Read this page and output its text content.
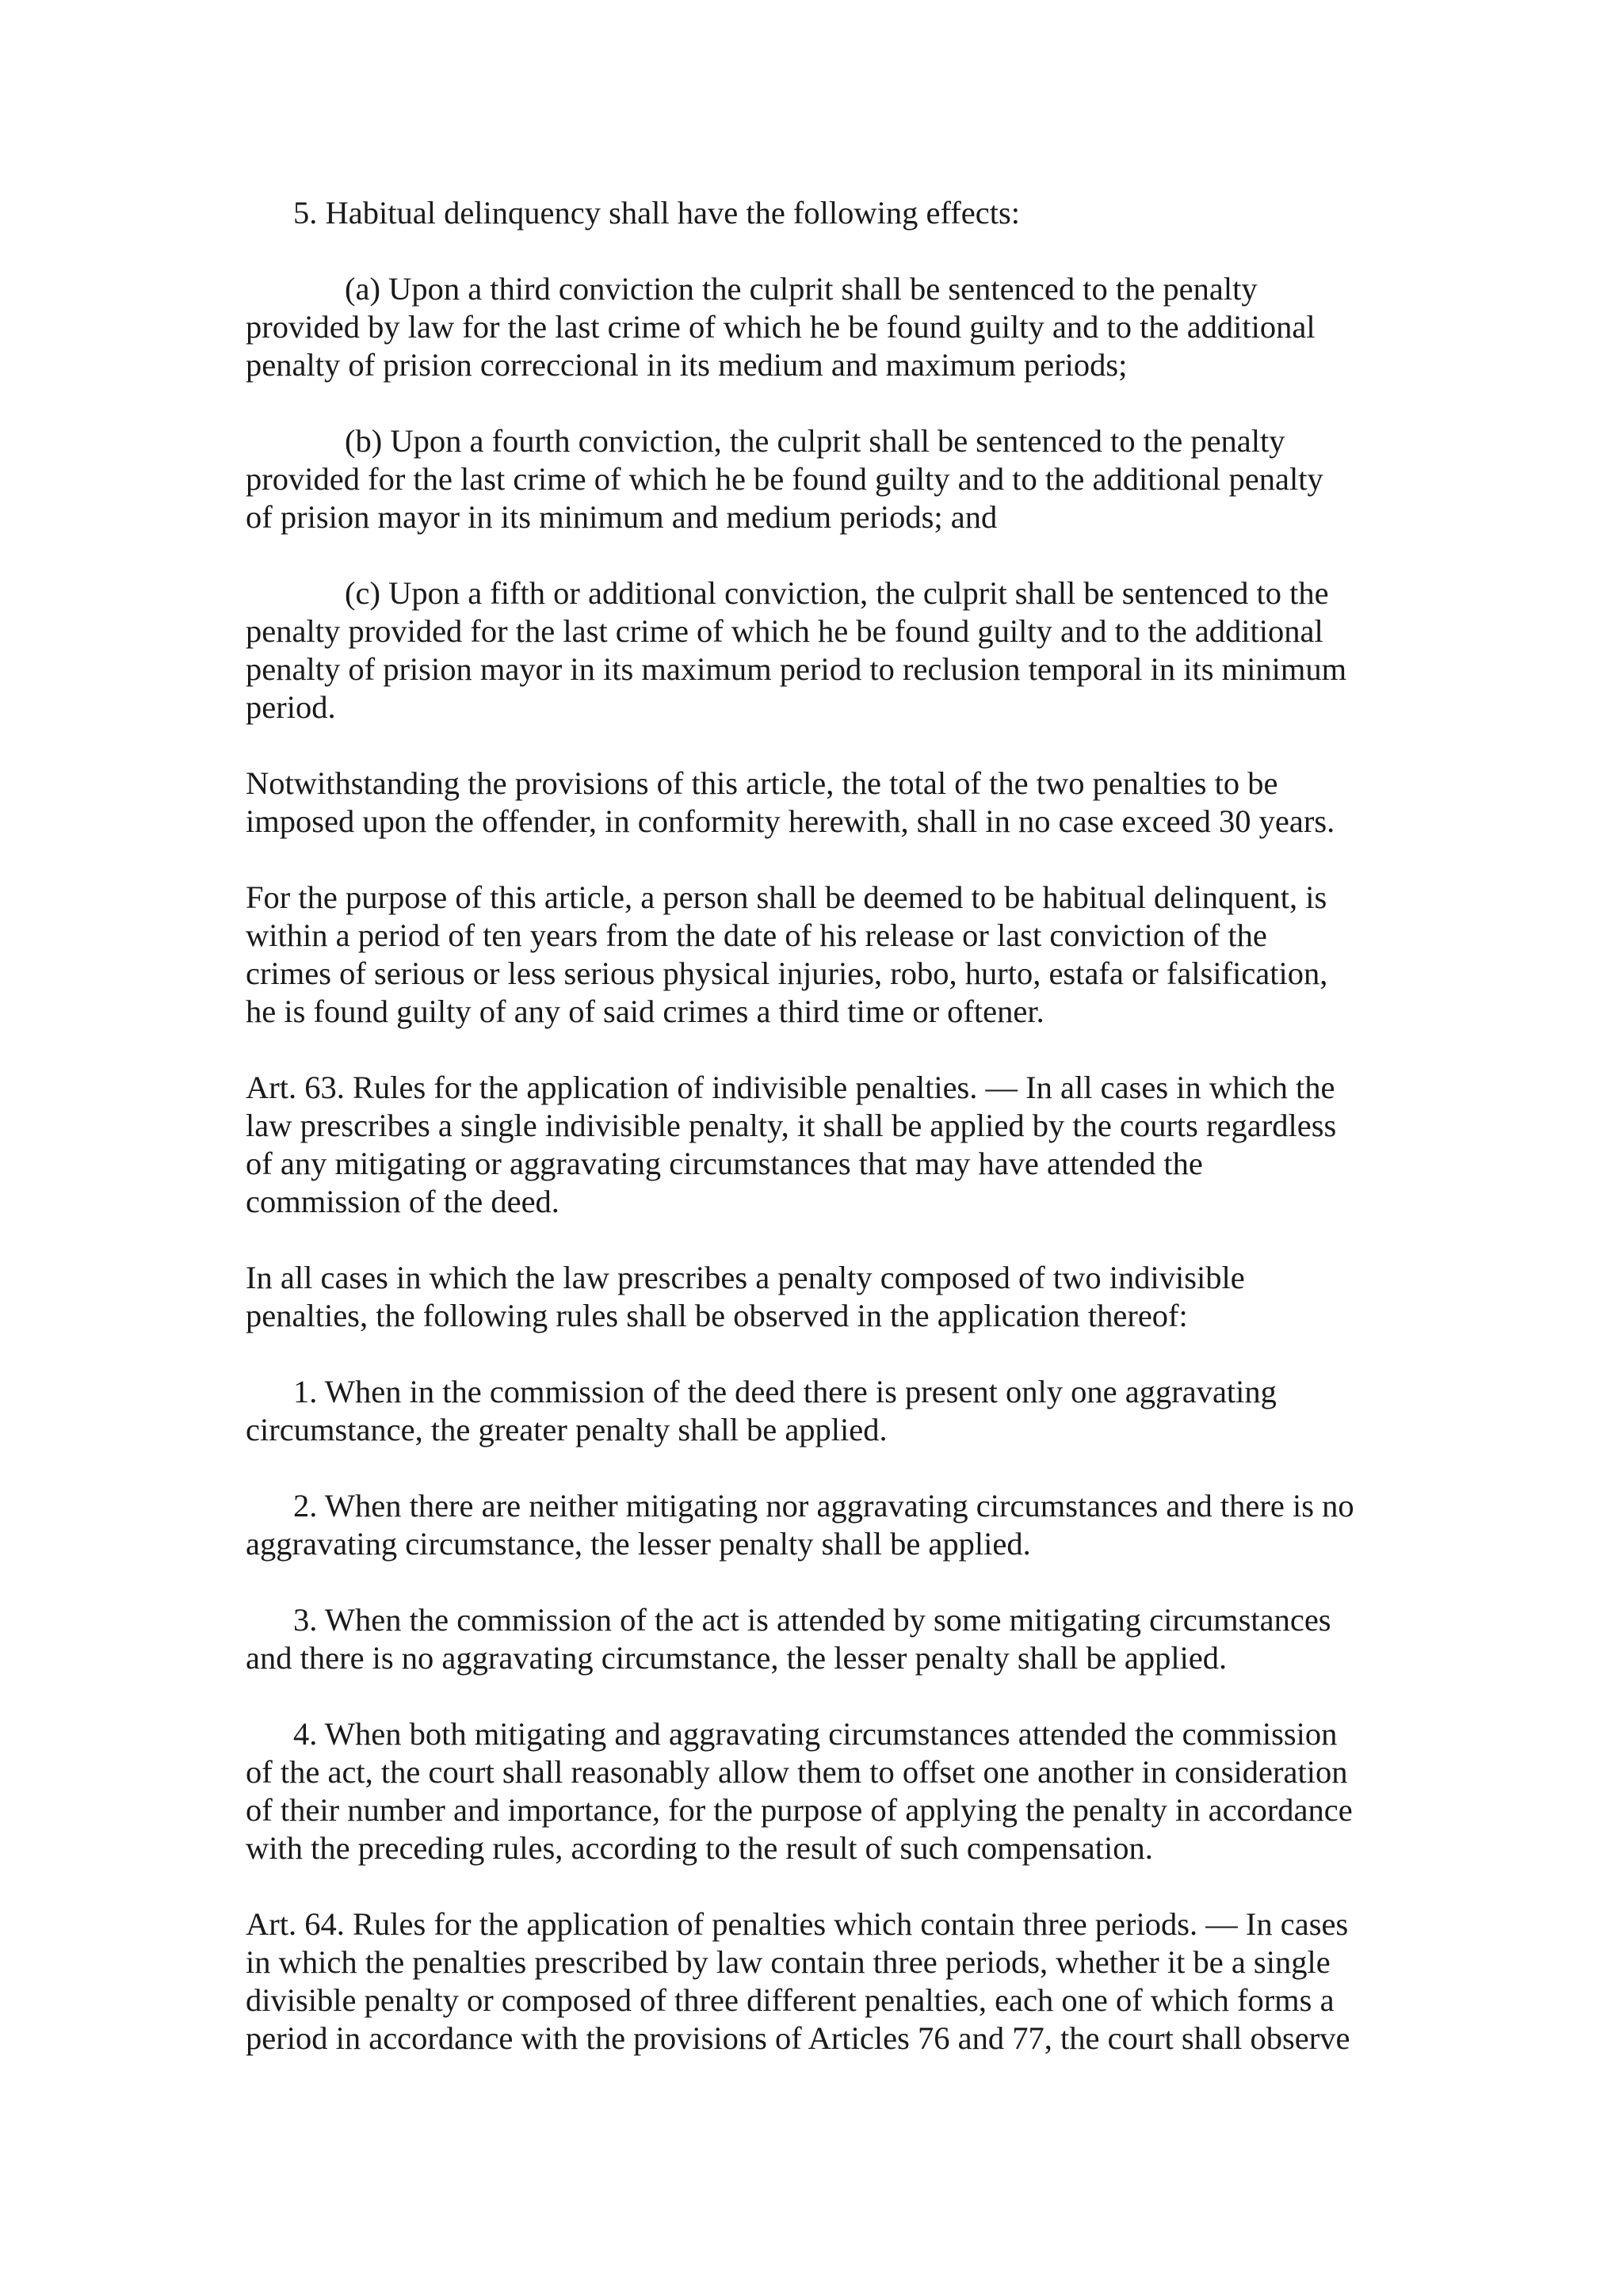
5. Habitual delinquency shall have the following effects:

(a) Upon a third conviction the culprit shall be sentenced to the penalty
provided by law for the last crime of which he be found guilty and to the additional
penalty of prision correccional in its medium and maximum periods;

(b) Upon a fourth conviction, the culprit shall be sentenced to the penalty
provided for the last crime of which he be found guilty and to the additional penalty
of prision mayor in its minimum and medium periods; and

(c) Upon a fifth or additional conviction, the culprit shall be sentenced to the
penalty provided for the last crime of which he be found guilty and to the additional
penalty of prision mayor in its maximum period to reclusion temporal in its minimum
period.

Notwithstanding the provisions of this article, the total of the two penalties to be
imposed upon the offender, in conformity herewith, shall in no case exceed 30 years.

For the purpose of this article, a person shall be deemed to be habitual delinquent, is
within a period of ten years from the date of his release or last conviction of the
crimes of serious or less serious physical injuries, robo, hurto, estafa or falsification,
he is found guilty of any of said crimes a third time or oftener.

Art. 63. Rules for the application of indivisible penalties. — In all cases in which the
law prescribes a single indivisible penalty, it shall be applied by the courts regardless
of any mitigating or aggravating circumstances that may have attended the
commission of the deed.

In all cases in which the law prescribes a penalty composed of two indivisible
penalties, the following rules shall be observed in the application thereof:

1. When in the commission of the deed there is present only one aggravating
circumstance, the greater penalty shall be applied.

2. When there are neither mitigating nor aggravating circumstances and there is no
aggravating circumstance, the lesser penalty shall be applied.

3. When the commission of the act is attended by some mitigating circumstances
and there is no aggravating circumstance, the lesser penalty shall be applied.

4. When both mitigating and aggravating circumstances attended the commission
of the act, the court shall reasonably allow them to offset one another in consideration
of their number and importance, for the purpose of applying the penalty in accordance
with the preceding rules, according to the result of such compensation.

Art. 64. Rules for the application of penalties which contain three periods. — In cases
in which the penalties prescribed by law contain three periods, whether it be a single
divisible penalty or composed of three different penalties, each one of which forms a
period in accordance with the provisions of Articles 76 and 77, the court shall observe
